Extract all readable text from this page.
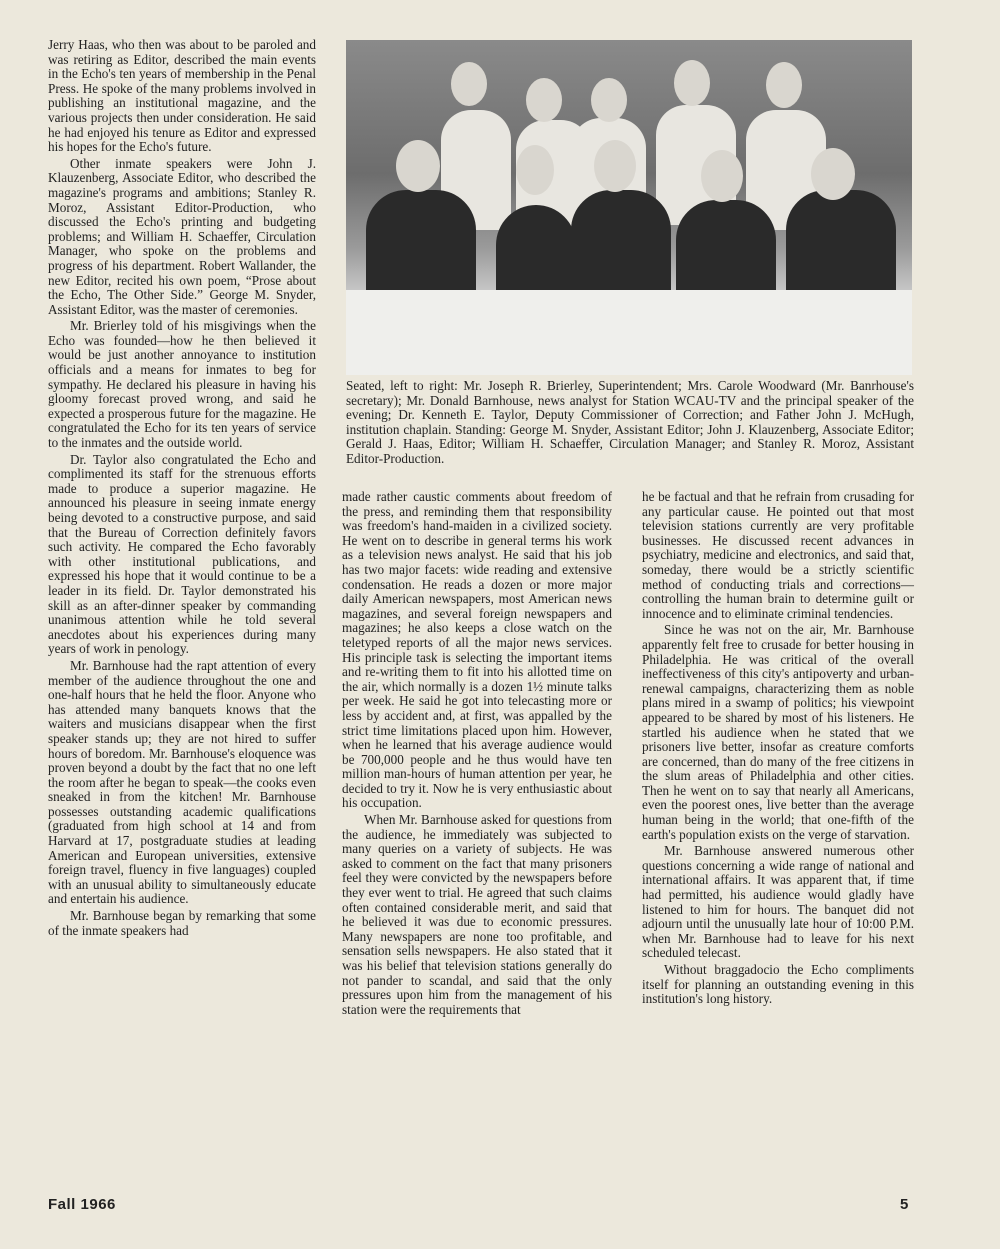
Jerry Haas, who then was about to be paroled and was retiring as Editor, described the main events in the Echo's ten years of membership in the Penal Press. He spoke of the many problems involved in publishing an institutional magazine, and the various projects then under consideration. He said he had enjoyed his tenure as Editor and expressed his hopes for the Echo's future.

Other inmate speakers were John J. Klauzenberg, Associate Editor, who described the magazine's programs and ambitions; Stanley R. Moroz, Assistant Editor-Production, who discussed the Echo's printing and budgeting problems; and William H. Schaeffer, Circulation Manager, who spoke on the problems and progress of his department. Robert Wallander, the new Editor, recited his own poem, “Prose about the Echo, The Other Side.” George M. Snyder, Assistant Editor, was the master of ceremonies.

Mr. Brierley told of his misgivings when the Echo was founded—how he then believed it would be just another annoyance to institution officials and a means for inmates to beg for sympathy. He declared his pleasure in having his gloomy forecast proved wrong, and said he expected a prosperous future for the magazine. He congratulated the Echo for its ten years of service to the inmates and the outside world.

Dr. Taylor also congratulated the Echo and complimented its staff for the strenuous efforts made to produce a superior magazine. He announced his pleasure in seeing inmate energy being devoted to a constructive purpose, and said that the Bureau of Correction definitely favors such activity. He compared the Echo favorably with other institutional publications, and expressed his hope that it would continue to be a leader in its field. Dr. Taylor demonstrated his skill as an after-dinner speaker by commanding unanimous attention while he told several anecdotes about his experiences during many years of work in penology.

Mr. Barnhouse had the rapt attention of every member of the audience throughout the one and one-half hours that he held the floor. Anyone who has attended many banquets knows that the waiters and musicians disappear when the first speaker stands up; they are not hired to suffer hours of boredom. Mr. Barnhouse's eloquence was proven beyond a doubt by the fact that no one left the room after he began to speak—the cooks even sneaked in from the kitchen! Mr. Barnhouse possesses outstanding academic qualifications (graduated from high school at 14 and from Harvard at 17, postgraduate studies at leading American and European universities, extensive foreign travel, fluency in five languages) coupled with an unusual ability to simultaneously educate and entertain his audience.

Mr. Barnhouse began by remarking that some of the inmate speakers had

Seated, left to right: Mr. Joseph R. Brierley, Superintendent; Mrs. Carole Woodward (Mr. Banrhouse's secretary); Mr. Donald Barnhouse, news analyst for Station WCAU-TV and the principal speaker of the evening; Dr. Kenneth E. Taylor, Deputy Commissioner of Correction; and Father John J. McHugh, institution chaplain. Standing: George M. Snyder, Assistant Editor; John J. Klauzenberg, Associate Editor; Gerald J. Haas, Editor; William H. Schaeffer, Circulation Manager; and Stanley R. Moroz, Assistant Editor-Production.

made rather caustic comments about freedom of the press, and reminding them that responsibility was freedom's hand-maiden in a civilized society. He went on to describe in general terms his work as a television news analyst. He said that his job has two major facets: wide reading and extensive condensation. He reads a dozen or more major daily American newspapers, most American news magazines, and several foreign newspapers and magazines; he also keeps a close watch on the teletyped reports of all the major news services. His principle task is selecting the important items and re-writing them to fit into his allotted time on the air, which normally is a dozen 1½ minute talks per week. He said he got into telecasting more or less by accident and, at first, was appalled by the strict time limitations placed upon him. However, when he learned that his average audience would be 700,000 people and he thus would have ten million man-hours of human attention per year, he decided to try it. Now he is very enthusiastic about his occupation.

When Mr. Barnhouse asked for questions from the audience, he immediately was subjected to many queries on a variety of subjects. He was asked to comment on the fact that many prisoners feel they were convicted by the newspapers before they ever went to trial. He agreed that such claims often contained considerable merit, and said that he believed it was due to economic pressures. Many newspapers are none too profitable, and sensation sells newspapers. He also stated that it was his belief that television stations generally do not pander to scandal, and said that the only pressures upon him from the management of his station were the requirements that

he be factual and that he refrain from crusading for any particular cause. He pointed out that most television stations currently are very profitable businesses. He discussed recent advances in psychiatry, medicine and electronics, and said that, someday, there would be a strictly scientific method of conducting trials and corrections—controlling the human brain to determine guilt or innocence and to eliminate criminal tendencies.

Since he was not on the air, Mr. Barnhouse apparently felt free to crusade for better housing in Philadelphia. He was critical of the overall ineffectiveness of this city's antipoverty and urban-renewal campaigns, characterizing them as noble plans mired in a swamp of politics; his viewpoint appeared to be shared by most of his listeners. He startled his audience when he stated that we prisoners live better, insofar as creature comforts are concerned, than do many of the free citizens in the slum areas of Philadelphia and other cities. Then he went on to say that nearly all Americans, even the poorest ones, live better than the average human being in the world; that one-fifth of the earth's population exists on the verge of starvation.

Mr. Barnhouse answered numerous other questions concerning a wide range of national and international affairs. It was apparent that, if time had permitted, his audience would gladly have listened to him for hours. The banquet did not adjourn until the unusually late hour of 10:00 P.M. when Mr. Barnhouse had to leave for his next scheduled telecast.

Without braggadocio the Echo compliments itself for planning an outstanding evening in this institution's long history.

Fall 1966	5
